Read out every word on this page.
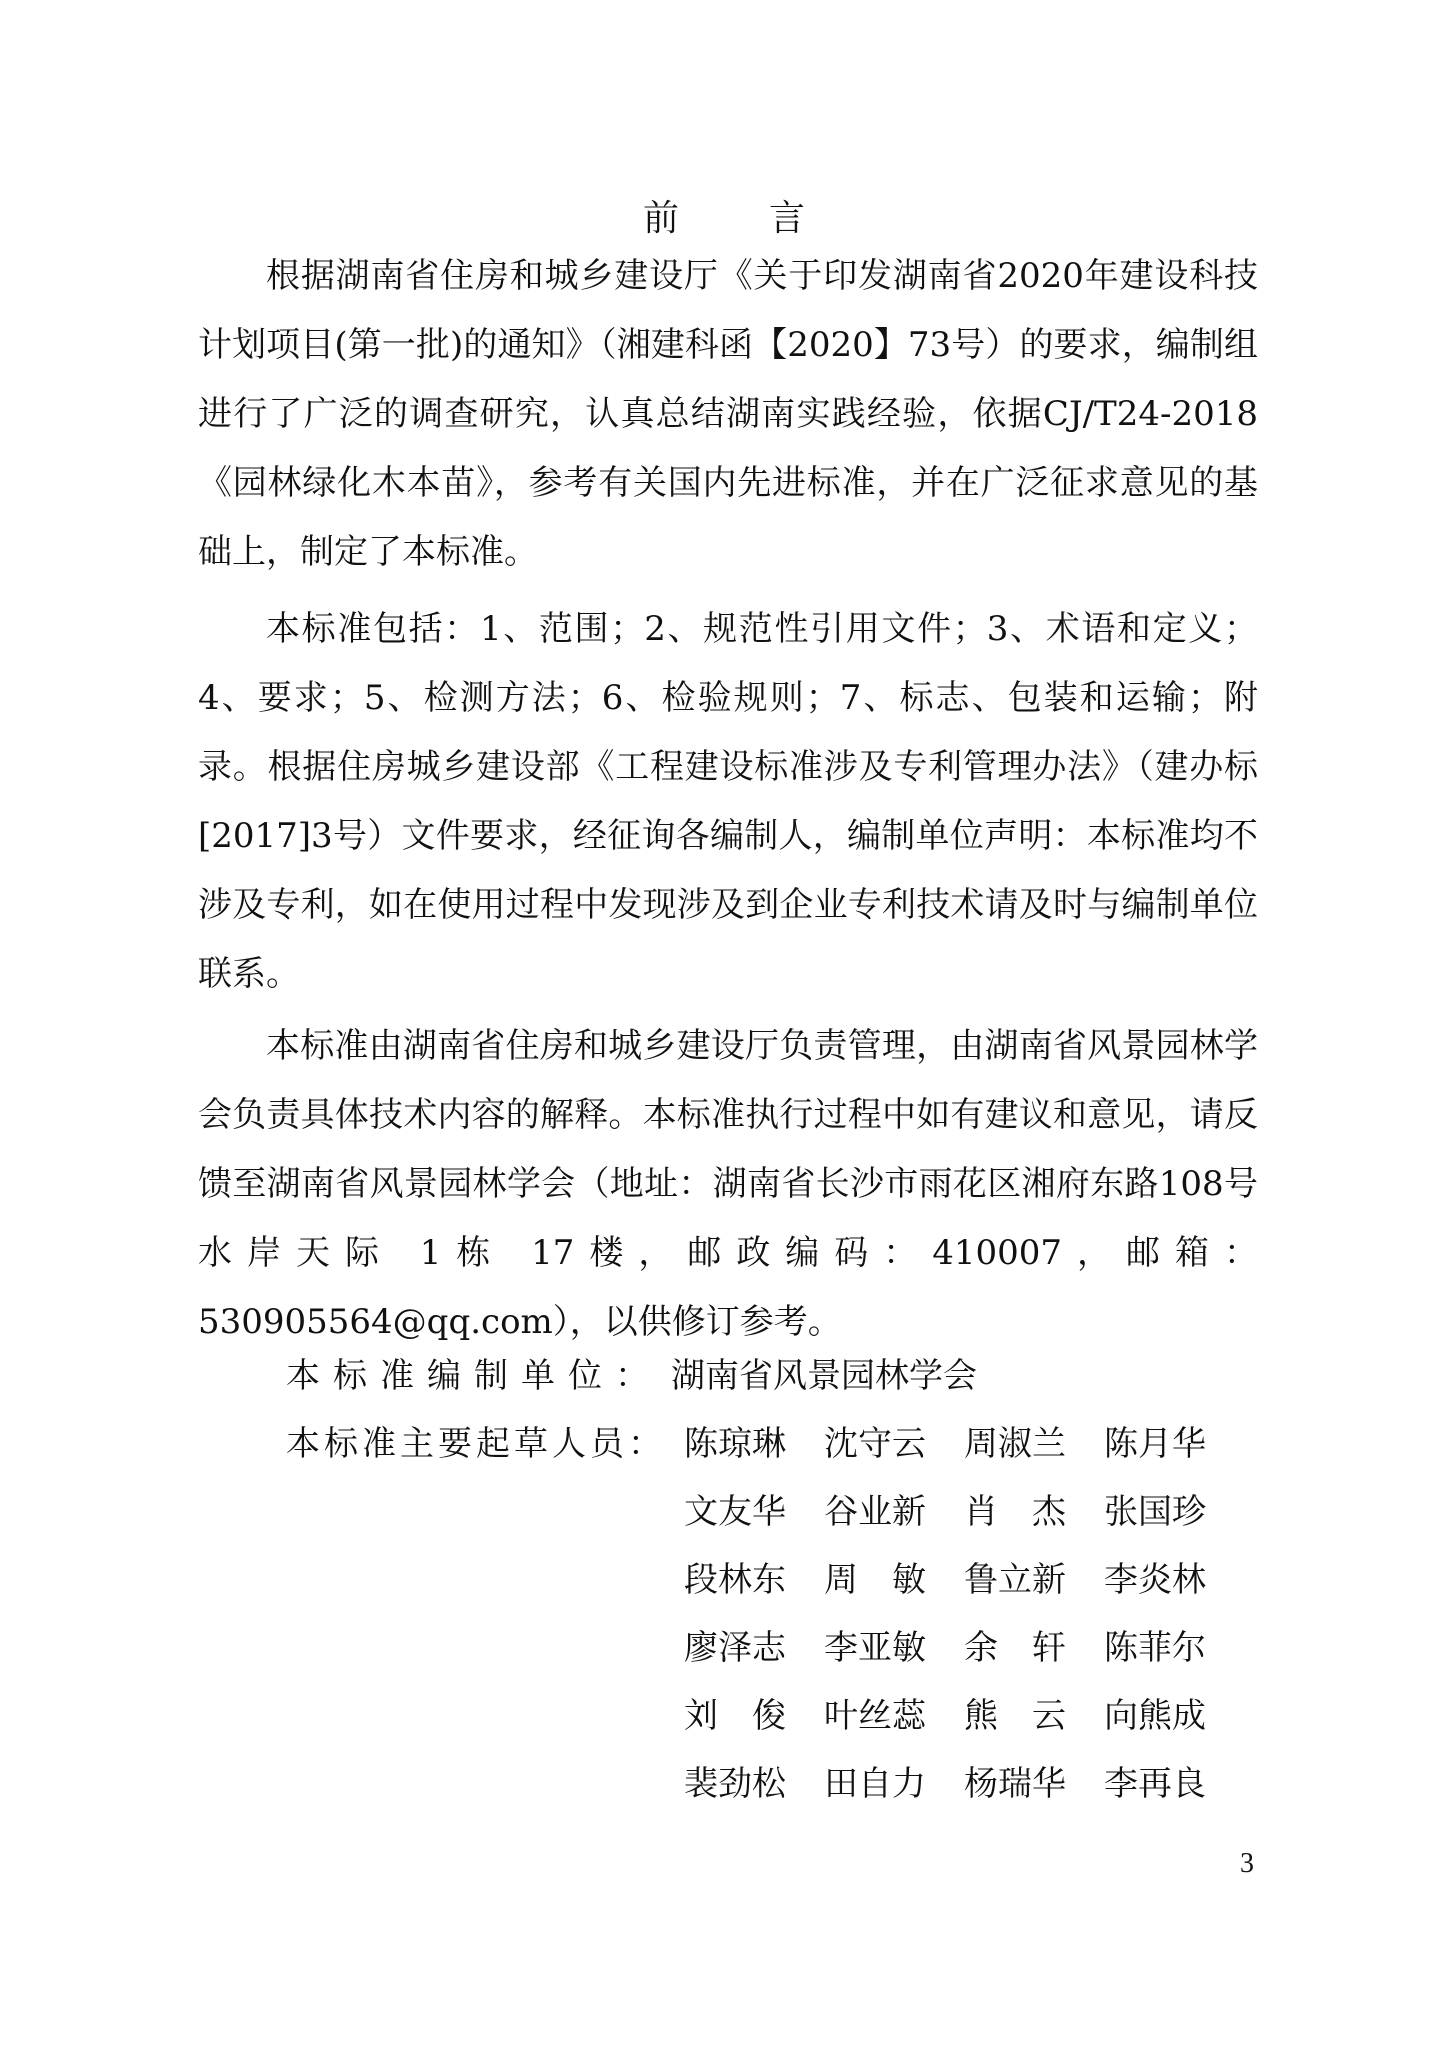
前	言

根据湖南省住房和城乡建设厅《关于印发湖南省2020年建设科技计划项目(第一批)的通知》（湘建科函【2020】73号）的要求，编制组进行了广泛的调查研究，认真总结湖南实践经验，依据CJ/T24-2018《园林绿化木本苗》，参考有关国内先进标准，并在广泛征求意见的基础上，制定了本标准。

本标准包括：1、范围；2、规范性引用文件；3、术语和定义；4、要求；5、检测方法；6、检验规则；7、标志、包装和运输；附录。根据住房城乡建设部《工程建设标准涉及专利管理办法》（建办标[2017]3号）文件要求，经征询各编制人，编制单位声明：本标准均不涉及专利，如在使用过程中发现涉及到企业专利技术请及时与编制单位联系。

本标准由湖南省住房和城乡建设厅负责管理，由湖南省风景园林学会负责具体技术内容的解释。本标准执行过程中如有建议和意见，请反馈至湖南省风景园林学会（地址：湖南省长沙市雨花区湘府东路108号水岸天际 1栋 17楼，邮政编码：410007，邮箱：530905564@qq.com），以供修订参考。

本标准编制单位： 湖南省风景园林学会
本标准主要起草人员： 陈琼琳	沈守云	周淑兰	陈月华
文友华	谷业新	肖　杰	张国珍
段林东	周　敏	鲁立新	李炎林
廖泽志	李亚敏	余　轩	陈菲尔
刘　俊	叶丝蕊	熊　云	向熊成
裴劲松	田自力	杨瑞华	李再良
3
